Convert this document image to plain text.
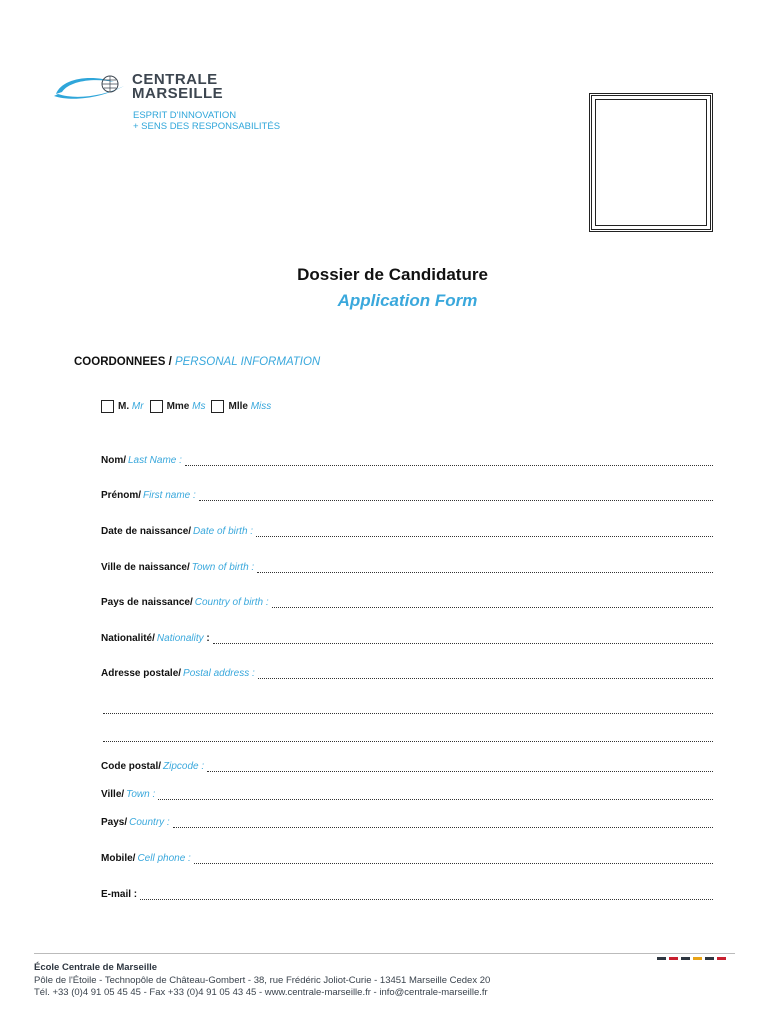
CENTRALE
MARSEILLE
ESPRIT D'INNOVATION
+ SENS DES RESPONSABILITÉS
Dossier de Candidature
Application Form
COORDONNEES / PERSONAL INFORMATION
M.
Mr Mme
Ms Mlle
Miss
Nom/ Last Name :
Prénom/ First name :
Date de naissance/ Date of birth :
Ville de naissance/ Town of birth :
Pays de naissance/ Country of birth :
Nationalité/ Nationality :
Adresse postale/ Postal address :
Code postal/ Zipcode :
Ville/ Town :
Pays/ Country :
Mobile/ Cell phone :
E-mail :
École Centrale de Marseille
Pôle de l'Étoile - Technopôle de Château-Gombert - 38, rue Frédéric Joliot-Curie - 13451 Marseille Cedex 20
Tél. +33 (0)4 91 05 45 45 - Fax +33 (0)4 91 05 43 45 - www.centrale-marseille.fr - info@centrale-marseille.fr
